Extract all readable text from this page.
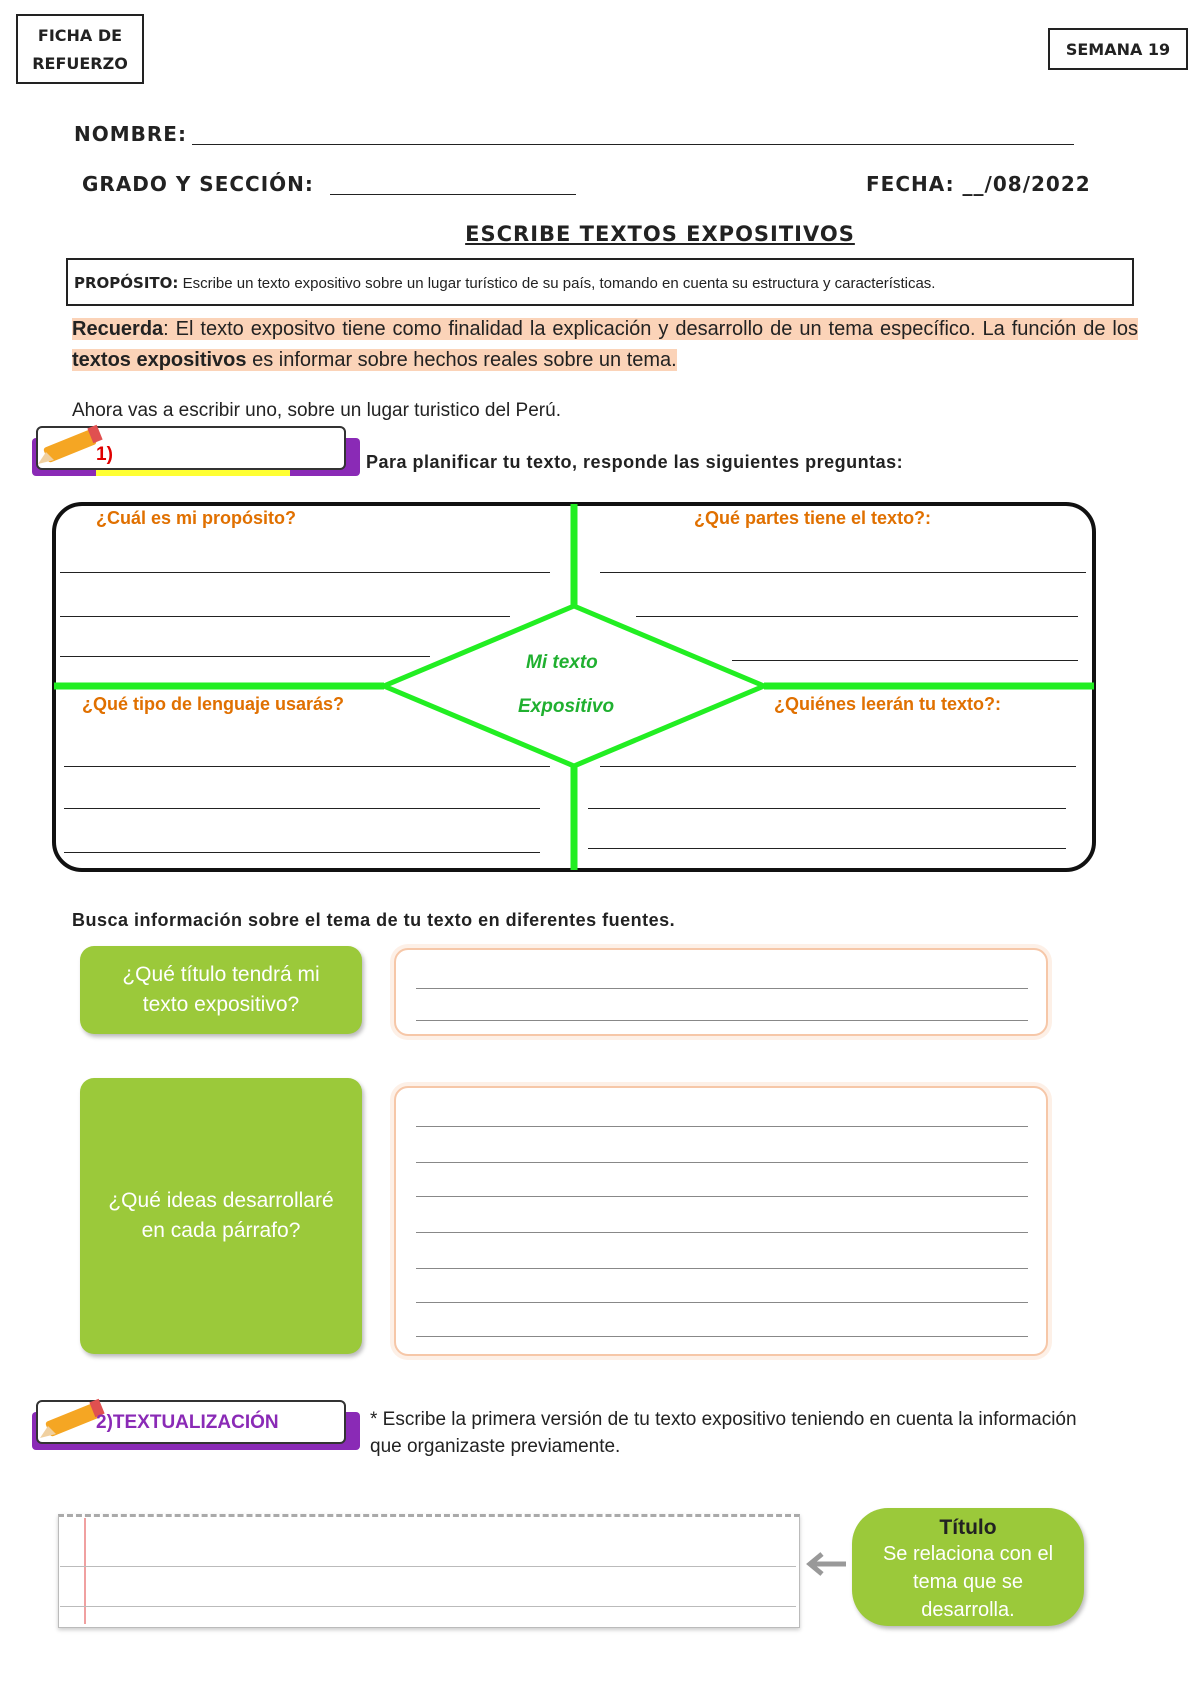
FICHA DE
REFUERZO
SEMANA 19
NOMBRE:
GRADO Y SECCIÓN:	FECHA: __/08/2022
ESCRIBE TEXTOS EXPOSITIVOS
PROPÓSITO: Escribe un texto expositivo sobre un lugar turístico de su país, tomando en cuenta su estructura y características.
Recuerda: El texto expositvo tiene como finalidad la explicación y desarrollo de un tema específico. La función de los textos expositivos es informar sobre hechos reales sobre un tema.
Ahora vas a escribir uno, sobre un lugar turistico del Perú.
1)	Para planificar tu texto, responde las siguientes preguntas:
¿Cuál es mi propósito?	¿Qué partes tiene el texto?:
¿Qué tipo de lenguaje usarás?	¿Quiénes leerán tu texto?:
Mi texto
Expositivo
Busca información sobre el tema de tu texto en diferentes fuentes.
¿Qué título tendrá mi texto expositivo?
¿Qué ideas desarrollaré en cada párrafo?
2)TEXTUALIZACIÓN	* Escribe la primera versión de tu texto expositivo teniendo en cuenta la información que organizaste previamente.
Título
Se relaciona con el tema que se desarrolla.
